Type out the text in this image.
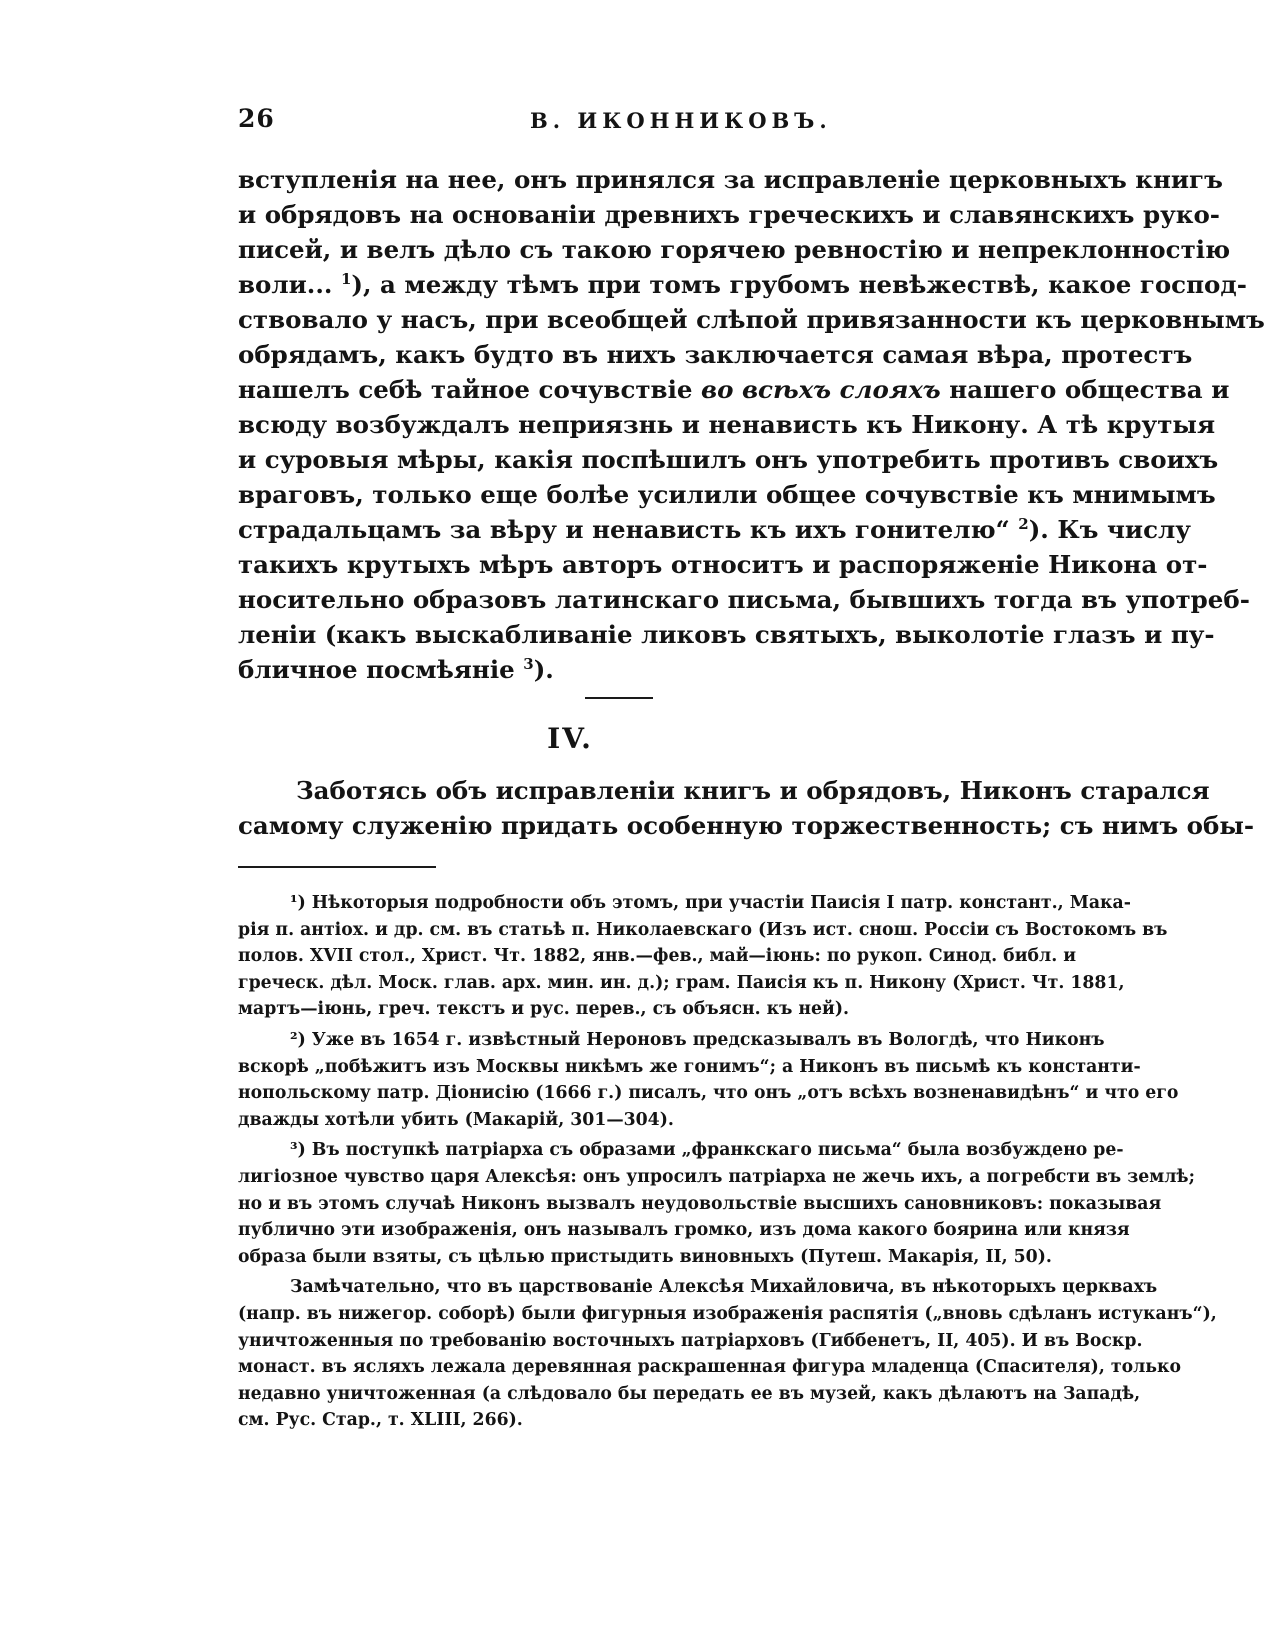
26	В. ИКОННИКОВЪ.
вступленія на нее, онъ принялся за исправленіе церковныхъ книгъ
и обрядовъ на основаніи древнихъ греческихъ и славянскихъ руко-
писей, и велъ дѣло съ такою горячею ревностію и непреклонностію
воли... $^1$), а между тѣмъ при томъ грубомъ невѣжествѣ, какое господ-
ствовало у насъ, при всеобщей слѣпой привязанности къ церковнымъ
обрядамъ, какъ будто въ нихъ заключается самая вѣра, протестъ
нашелъ себѣ тайное сочувствіе во всѣхъ слояхъ нашего общества и
всюду возбуждалъ неприязнь и ненависть къ Никону. А тѣ крутыя
и суровыя мѣры, какія поспѣшилъ онъ употребить противъ своихъ
враговъ, только еще болѣе усилили общее сочувствіе къ мнимымъ
страдальцамъ за вѣру и ненависть къ ихъ гонителю“ $^2$). Къ числу
такихъ крутыхъ мѣръ авторъ относитъ и распоряженіе Никона от-
носительно образовъ латинскаго письма, бывшихъ тогда въ употреб-
леніи (какъ выскабливаніе ликовъ святыхъ, выколотіе глазъ и пу-
бличное посмѣяніе $^3$).
IV.
Заботясь объ исправленіи книгъ и обрядовъ, Никонъ старался
самому служенію придать особенную торжественность; съ нимъ обы-
¹) Нѣкоторыя подробности объ этомъ, при участіи Паисія I патр. констант., Мака-
рія п. антіох. и др. см. въ статьѣ п. Николаевскаго (Изъ ист. снош. Россіи съ Востокомъ въ
полов. XVII стол., Христ. Чт. 1882, янв.—фев., май—іюнь: по рукоп. Синод. библ. и
греческ. дѣл. Моск. глав. арх. мин. ин. д.); грам. Паисія къ п. Никону (Христ. Чт. 1881,
мартъ—іюнь, греч. текстъ и рус. перев., съ объясн. къ ней).
²) Уже въ 1654 г. извѣстный Нероновъ предсказывалъ въ Вологдѣ, что Никонъ
вскорѣ „побѣжитъ изъ Москвы никѣмъ же гонимъ“; а Никонъ въ письмѣ къ константи-
нопольскому патр. Діонисію (1666 г.) писалъ, что онъ „отъ всѣхъ возненавидѣнъ“ и что его
дважды хотѣли убить (Макарій, 301—304).
³) Въ поступкѣ патріарха съ образами „франкскаго письма“ была возбуждено ре-
лигіозное чувство царя Алексѣя: онъ упросилъ патріарха не жечь ихъ, а погребсти въ землѣ;
но и въ этомъ случаѣ Никонъ вызвалъ неудовольствіе высшихъ сановниковъ: показывая
публично эти изображенія, онъ называлъ громко, изъ дома какого боярина или князя
образа были взяты, съ цѣлью пристыдить виновныхъ (Путеш. Макарія, II, 50).
Замѣчательно, что въ царствованіе Алексѣя Михайловича, въ нѣкоторыхъ церквахъ
(напр. въ нижегор. соборѣ) были фигурныя изображенія распятія („вновь сдѣланъ истуканъ“),
уничтоженныя по требованію восточныхъ патріарховъ (Гиббенетъ, II, 405). И въ Воскр.
монаст. въ ясляхъ лежала деревянная раскрашенная фигура младенца (Спасителя), только
недавно уничтоженная (а слѣдовало бы передать ее въ музей, какъ дѣлаютъ на Западѣ,
см. Рус. Стар., т. XLIII, 266).
